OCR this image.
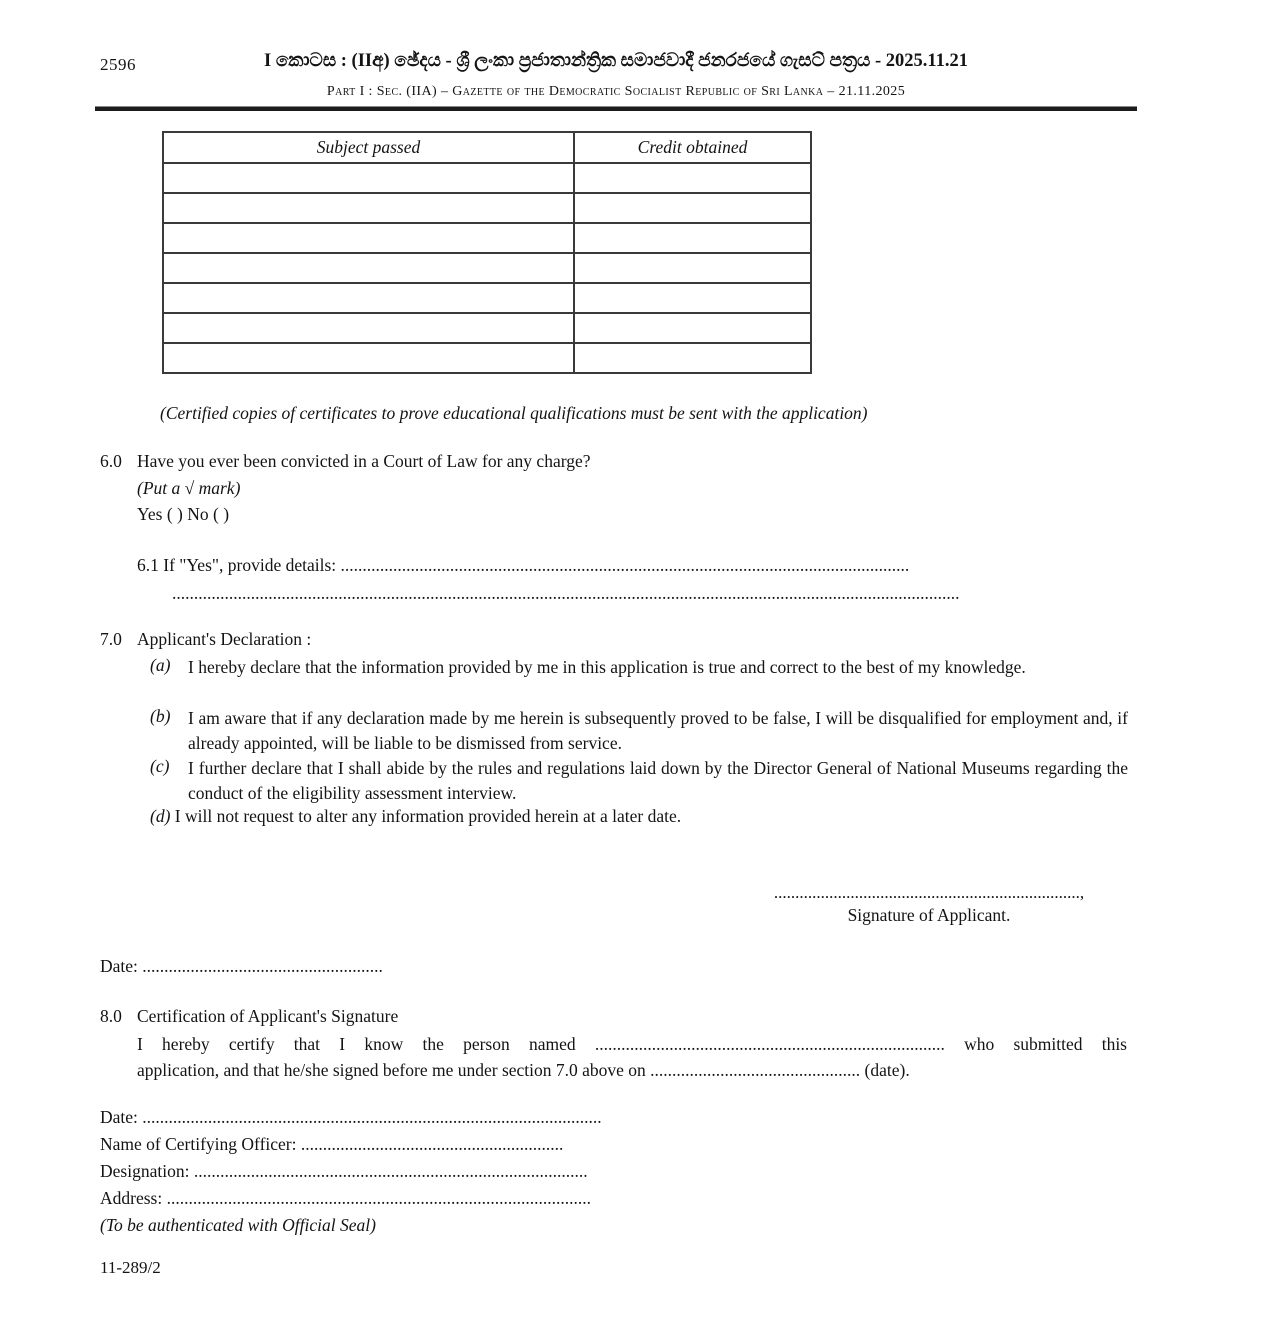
2596	I කොටස : (IIඅ) ඡේදය - ශ්‍රී ලංකා ප්‍රජාතාන්ත්‍රික සමාජවාදී ජනරජයේ ගැසට් පත්‍රය - 2025.11.21
Part I : Sec. (IIA) – Gazette of the Democratic Socialist Republic of Sri Lanka – 21.11.2025
Subject passed	Credit obtained

(Certified copies of certificates to prove educational qualifications must be sent with the application)
6.0 Have you ever been convicted in a Court of Law for any charge?
(Put a √ mark)
Yes ( ) No ( )
6.1 If "Yes", provide details: ..................................................................................................................................
....................................................................................................................................................................................
7.0 Applicant's Declaration :
(a)	I hereby declare that the information provided by me in this application is true and correct to the best of my knowledge.
(b)	I am aware that if any declaration made by me herein is subsequently proved to be false, I will be disqualified for employment and, if already appointed, will be liable to be dismissed from service.
(c)	I further declare that I shall abide by the rules and regulations laid down by the Director General of National Museums regarding the conduct of the eligibility assessment interview.
(d) I will not request to alter any information provided herein at a later date.
........................................................................,
Signature of Applicant.
Date: .......................................................
8.0 Certification of Applicant's Signature
I hereby certify that I know the person named ................................................................................ who submitted this
application, and that he/she signed before me under section 7.0 above on ................................................ (date).
Date: .........................................................................................................
Name of Certifying Officer: ............................................................
Designation: ..........................................................................................
Address: .................................................................................................
(To be authenticated with Official Seal)
11-289/2
